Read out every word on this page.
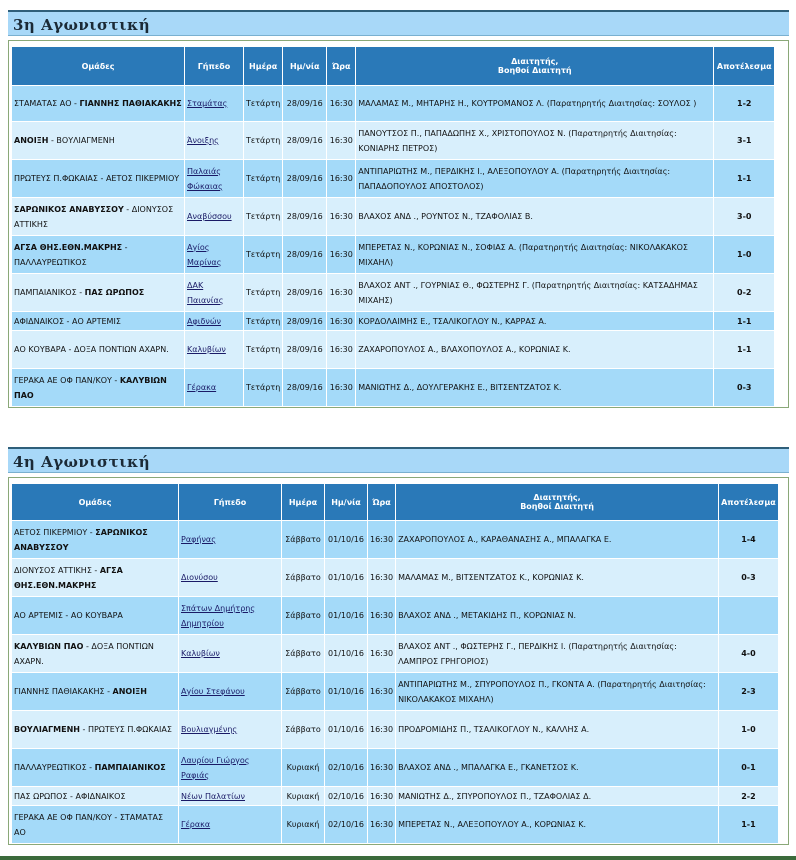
3η Αγωνιστική
Ομάδες	Γήπεδο	Ημέρα	Ημ/νία	Ώρα	Διαιτητής,
Βοηθοί Διαιτητή	Αποτέλεσμα
ΣΤΑΜΑΤΑΣ ΑΟ - ΓΙΑΝΝΗΣ ΠΑΘΙΑΚΑΚΗΣ	Σταμάτας	Τετάρτη	28/09/16	16:30	ΜΑΛΑΜΑΣ Μ., ΜΗΤΑΡΗΣ Η., ΚΟΥΤΡΟΜΑΝΟΣ Λ. (Παρατηρητής Διαιτησίας: ΣΟΥΛΟΣ )	1-2
ΑΝΟΙΞΗ - ΒΟΥΛΙΑΓΜΕΝΗ	Άνοιξης	Τετάρτη	28/09/16	16:30	ΠΑΝΟΥΤΣΟΣ Π., ΠΑΠΑΔΩΠΗΣ Χ., ΧΡΙΣΤΟΠΟΥΛΟΣ Ν. (Παρατηρητής Διαιτησίας: ΚΟΝΙΑΡΗΣ ΠΕΤΡΟΣ)	3-1
ΠΡΩΤΕΥΣ Π.ΦΩΚΑΙΑΣ - ΑΕΤΟΣ ΠΙΚΕΡΜΙΟΥ	Παλαιάς Φώκαιας	Τετάρτη	28/09/16	16:30	ΑΝΤΙΠΑΡΙΩΤΗΣ Μ., ΠΕΡΔΙΚΗΣ Ι., ΑΛΕΞΟΠΟΥΛΟΥ Α. (Παρατηρητής Διαιτησίας: ΠΑΠΑΔΟΠΟΥΛΟΣ ΑΠΟΣΤΟΛΟΣ)	1-1
ΣΑΡΩΝΙΚΟΣ ΑΝΑΒΥΣΣΟΥ - ΔΙΟΝΥΣΟΣ ΑΤΤΙΚΗΣ	Αναβύσσου	Τετάρτη	28/09/16	16:30	ΒΛΑΧΟΣ ΑΝΔ ., ΡΟΥΝΤΟΣ Ν., ΤΖΑΦΟΛΙΑΣ Β.	3-0
ΑΓΣΑ ΘΗΣ.ΕΘΝ.ΜΑΚΡΗΣ - ΠΑΛΛΑΥΡΕΩΤΙΚΟΣ	Αγίος Μαρίνας	Τετάρτη	28/09/16	16:30	ΜΠΕΡΕΤΑΣ Ν., ΚΟΡΩΝΙΑΣ Ν., ΣΟΦΙΑΣ Α. (Παρατηρητής Διαιτησίας: ΝΙΚΟΛΑΚΑΚΟΣ ΜΙΧΑΗΛ)	1-0
ΠΑΜΠΑΙΑΝΙΚΟΣ - ΠΑΣ ΩΡΩΠΟΣ	ΔΑΚ Παιανίας	Τετάρτη	28/09/16	16:30	ΒΛΑΧΟΣ ΑΝΤ ., ΓΟΥΡΝΙΑΣ Θ., ΦΩΣΤΕΡΗΣ Γ. (Παρατηρητής Διαιτησίας: ΚΑΤΣΑΔΗΜΑΣ ΜΙΧΑΗΣ)	0-2
ΑΦΙΔΝΑΙΚΟΣ - ΑΟ ΑΡΤΕΜΙΣ	Αφιδνών	Τετάρτη	28/09/16	16:30	ΚΟΡΔΟΛΑΙΜΗΣ Ε., ΤΣΑΛΙΚΟΓΛΟΥ Ν., ΚΑΡΡΑΣ Α.	1-1
ΑΟ ΚΟΥΒΑΡΑ - ΔΟΞΑ ΠΟΝΤΙΩΝ ΑΧΑΡΝ.	Καλυβίων	Τετάρτη	28/09/16	16:30	ΖΑΧΑΡΟΠΟΥΛΟΣ Α., ΒΛΑΧΟΠΟΥΛΟΣ Α., ΚΟΡΩΝΙΑΣ Κ.	1-1
ΓΕΡΑΚΑ ΑΕ ΟΦ ΠΑΝ/ΚΟΥ - ΚΑΛΥΒΙΩΝ ΠΑΟ	Γέρακα	Τετάρτη	28/09/16	16:30	ΜΑΝΙΩΤΗΣ Δ., ΔΟΥΛΓΕΡΑΚΗΣ Ε., ΒΙΤΣΕΝΤΖΑΤΟΣ Κ.	0-3
4η Αγωνιστική
Ομάδες	Γήπεδο	Ημέρα	Ημ/νία	Ώρα	Διαιτητής,
Βοηθοί Διαιτητή	Αποτέλεσμα
ΑΕΤΟΣ ΠΙΚΕΡΜΙΟΥ - ΣΑΡΩΝΙΚΟΣ ΑΝΑΒΥΣΣΟΥ	Ραφήνας	Σάββατο	01/10/16	16:30	ΖΑΧΑΡΟΠΟΥΛΟΣ Α., ΚΑΡΑΘΑΝΑΣΗΣ Α., ΜΠΑΛΑΓΚΑ Ε.	1-4
ΔΙΟΝΥΣΟΣ ΑΤΤΙΚΗΣ - ΑΓΣΑ ΘΗΣ.ΕΘΝ.ΜΑΚΡΗΣ	Διονύσου	Σάββατο	01/10/16	16:30	ΜΑΛΑΜΑΣ Μ., ΒΙΤΣΕΝΤΖΑΤΟΣ Κ., ΚΟΡΩΝΙΑΣ Κ.	0-3
ΑΟ ΑΡΤΕΜΙΣ - ΑΟ ΚΟΥΒΑΡΑ	Σπάτων Δημήτρης Δημητρίου	Σάββατο	01/10/16	16:30	ΒΛΑΧΟΣ ΑΝΔ ., ΜΕΤΑΚΙΔΗΣ Π., ΚΟΡΩΝΙΑΣ Ν.	
ΚΑΛΥΒΙΩΝ ΠΑΟ - ΔΟΞΑ ΠΟΝΤΙΩΝ ΑΧΑΡΝ.	Καλυβίων	Σάββατο	01/10/16	16:30	ΒΛΑΧΟΣ ΑΝΤ ., ΦΩΣΤΕΡΗΣ Γ., ΠΕΡΔΙΚΗΣ Ι. (Παρατηρητής Διαιτησίας: ΛΑΜΠΡΟΣ ΓΡΗΓΟΡΙΟΣ)	4-0
ΓΙΑΝΝΗΣ ΠΑΘΙΑΚΑΚΗΣ - ΑΝΟΙΞΗ	Αγίου Στεφάνου	Σάββατο	01/10/16	16:30	ΑΝΤΙΠΑΡΙΩΤΗΣ Μ., ΣΠΥΡΟΠΟΥΛΟΣ Π., ΓΚΟΝΤΑ Α. (Παρατηρητής Διαιτησίας: ΝΙΚΟΛΑΚΑΚΟΣ ΜΙΧΑΗΛ)	2-3
ΒΟΥΛΙΑΓΜΕΝΗ - ΠΡΩΤΕΥΣ Π.ΦΩΚΑΙΑΣ	Βουλιαγμένης	Σάββατο	01/10/16	16:30	ΠΡΟΔΡΟΜΙΔΗΣ Π., ΤΣΑΛΙΚΟΓΛΟΥ Ν., ΚΑΛΛΗΣ Α.	1-0
ΠΑΛΛΑΥΡΕΩΤΙΚΟΣ - ΠΑΜΠΑΙΑΝΙΚΟΣ	Λαυρίου Γιώργος Ραφιάς	Κυριακή	02/10/16	16:30	ΒΛΑΧΟΣ ΑΝΔ ., ΜΠΑΛΑΓΚΑ Ε., ΓΚΑΝΕΤΣΟΣ Κ.	0-1
ΠΑΣ ΩΡΩΠΟΣ - ΑΦΙΔΝΑΙΚΟΣ	Νέων Παλατίων	Κυριακή	02/10/16	16:30	ΜΑΝΙΩΤΗΣ Δ., ΣΠΥΡΟΠΟΥΛΟΣ Π., ΤΖΑΦΟΛΙΑΣ Δ.	2-2
ΓΕΡΑΚΑ ΑΕ ΟΦ ΠΑΝ/ΚΟΥ - ΣΤΑΜΑΤΑΣ ΑΟ	Γέρακα	Κυριακή	02/10/16	16:30	ΜΠΕΡΕΤΑΣ Ν., ΑΛΕΞΟΠΟΥΛΟΥ Α., ΚΟΡΩΝΙΑΣ Κ.	1-1
